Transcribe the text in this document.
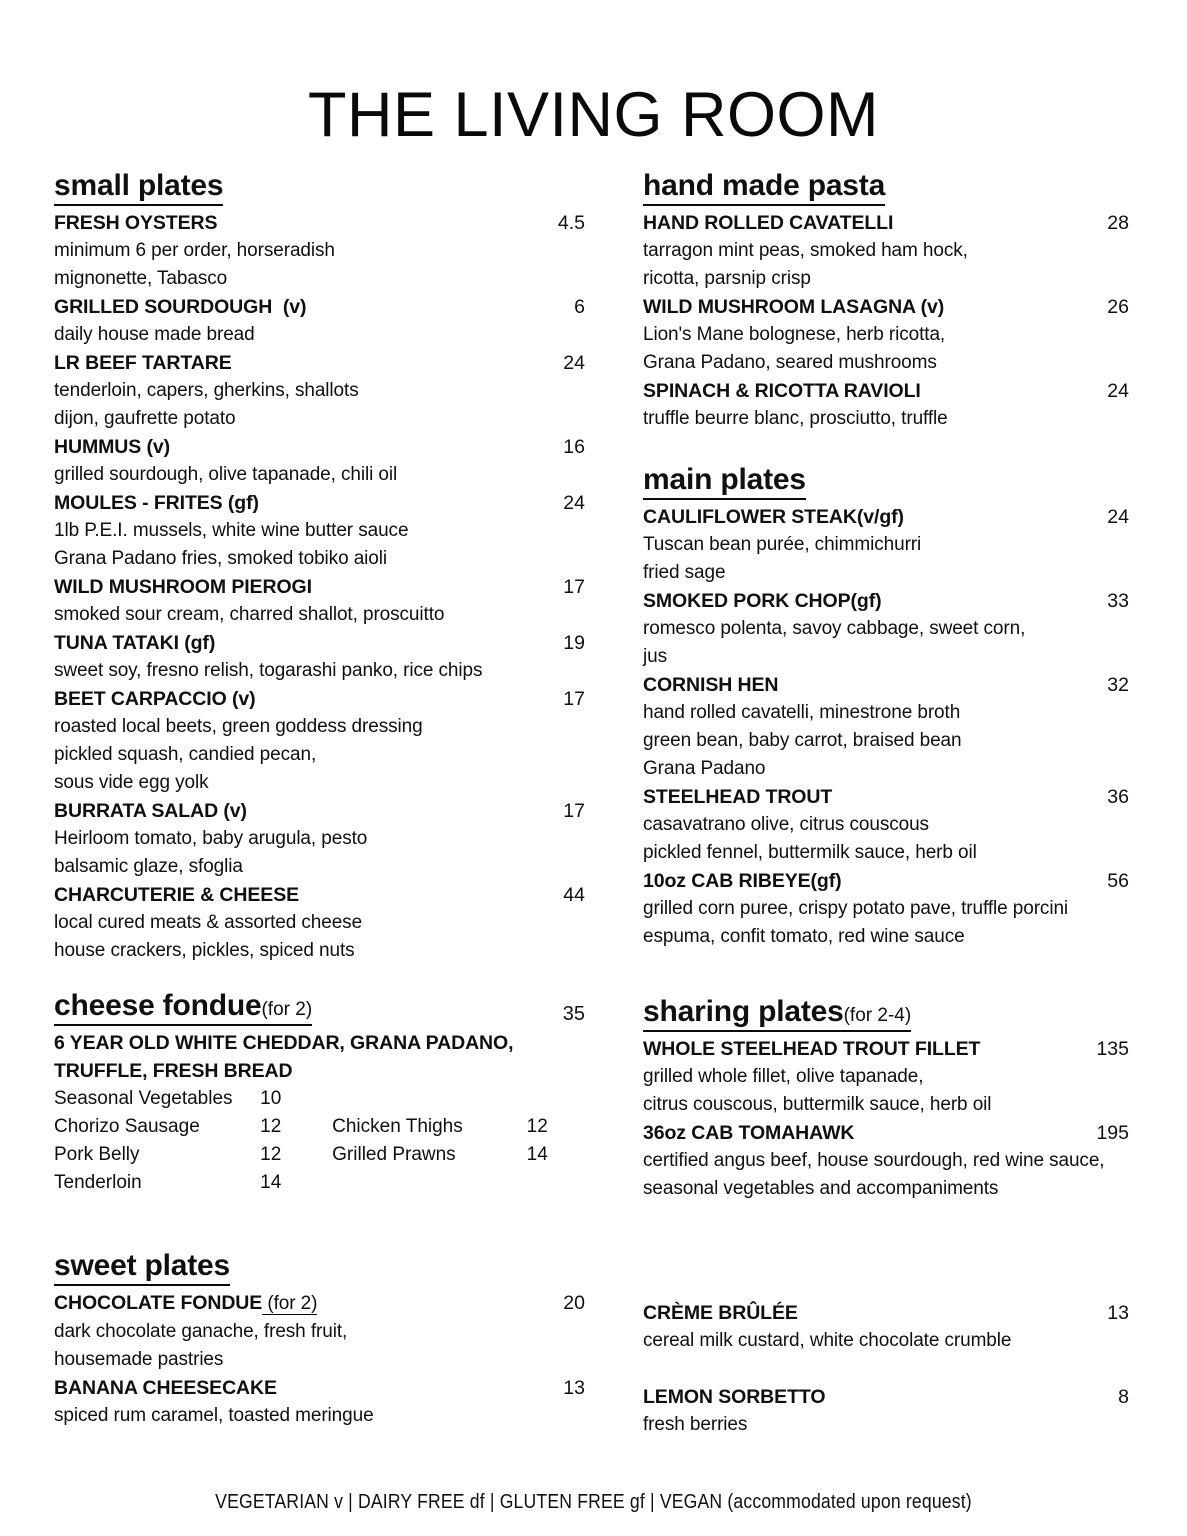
THE LIVING ROOM
small plates
FRESH OYSTERS	4.5
minimum 6 per order, horseradish
mignonette, Tabasco
GRILLED SOURDOUGH  (v)	6
daily house made bread
LR BEEF TARTARE	24
tenderloin, capers, gherkins, shallots
dijon, gaufrette potato
HUMMUS (v)	16
grilled sourdough, olive tapanade, chili oil
MOULES - FRITES (gf)	24
1lb P.E.I. mussels, white wine butter sauce
Grana Padano fries, smoked tobiko aioli
WILD MUSHROOM PIEROGI	17
smoked sour cream, charred shallot, proscuitto
TUNA TATAKI (gf)	19
sweet soy, fresno relish, togarashi panko, rice chips
BEET CARPACCIO (v)	17
roasted local beets, green goddess dressing
pickled squash, candied pecan,
sous vide egg yolk
BURRATA SALAD (v)	17
Heirloom tomato, baby arugula, pesto
balsamic glaze, sfoglia
CHARCUTERIE & CHEESE	44
local cured meats & assorted cheese
house crackers, pickles, spiced nuts
cheese fondue(for 2)	35
6 YEAR OLD WHITE CHEDDAR, GRANA PADANO,
TRUFFLE, FRESH BREAD
Seasonal Vegetables	10
Chorizo Sausage	12	Chicken Thighs	12
Pork Belly	12	Grilled Prawns	14
Tenderloin	14
sweet plates
CHOCOLATE FONDUE (for 2)	20
dark chocolate ganache, fresh fruit,
housemade pastries
BANANA CHEESECAKE	13
spiced rum caramel, toasted meringue
hand made pasta
HAND ROLLED CAVATELLI	28
tarragon mint peas, smoked ham hock,
ricotta, parsnip crisp
WILD MUSHROOM LASAGNA (v)	26
Lion's Mane bolognese, herb ricotta,
Grana Padano, seared mushrooms
SPINACH & RICOTTA RAVIOLI	24
truffle beurre blanc, prosciutto, truffle
main plates
CAULIFLOWER STEAK(v/gf)	24
Tuscan bean purée, chimmichurri
fried sage
SMOKED PORK CHOP(gf)	33
romesco polenta, savoy cabbage, sweet corn,
jus
CORNISH HEN	32
hand rolled cavatelli, minestrone broth
green bean, baby carrot, braised bean
Grana Padano
STEELHEAD TROUT	36
casavatrano olive, citrus couscous
pickled fennel, buttermilk sauce, herb oil
10oz CAB RIBEYE(gf)	56
grilled corn puree, crispy potato pave, truffle porcini
espuma, confit tomato, red wine sauce
sharing plates(for 2-4)
WHOLE STEELHEAD TROUT FILLET	135
grilled whole fillet, olive tapanade,
citrus couscous, buttermilk sauce, herb oil
36oz CAB TOMAHAWK	195
certified angus beef, house sourdough, red wine sauce,
seasonal vegetables and accompaniments
CRÈME BRÛLÉE	13
cereal milk custard, white chocolate crumble
LEMON SORBETTO	8
fresh berries
VEGETARIAN v | DAIRY FREE df | GLUTEN FREE gf | VEGAN (accommodated upon request)
